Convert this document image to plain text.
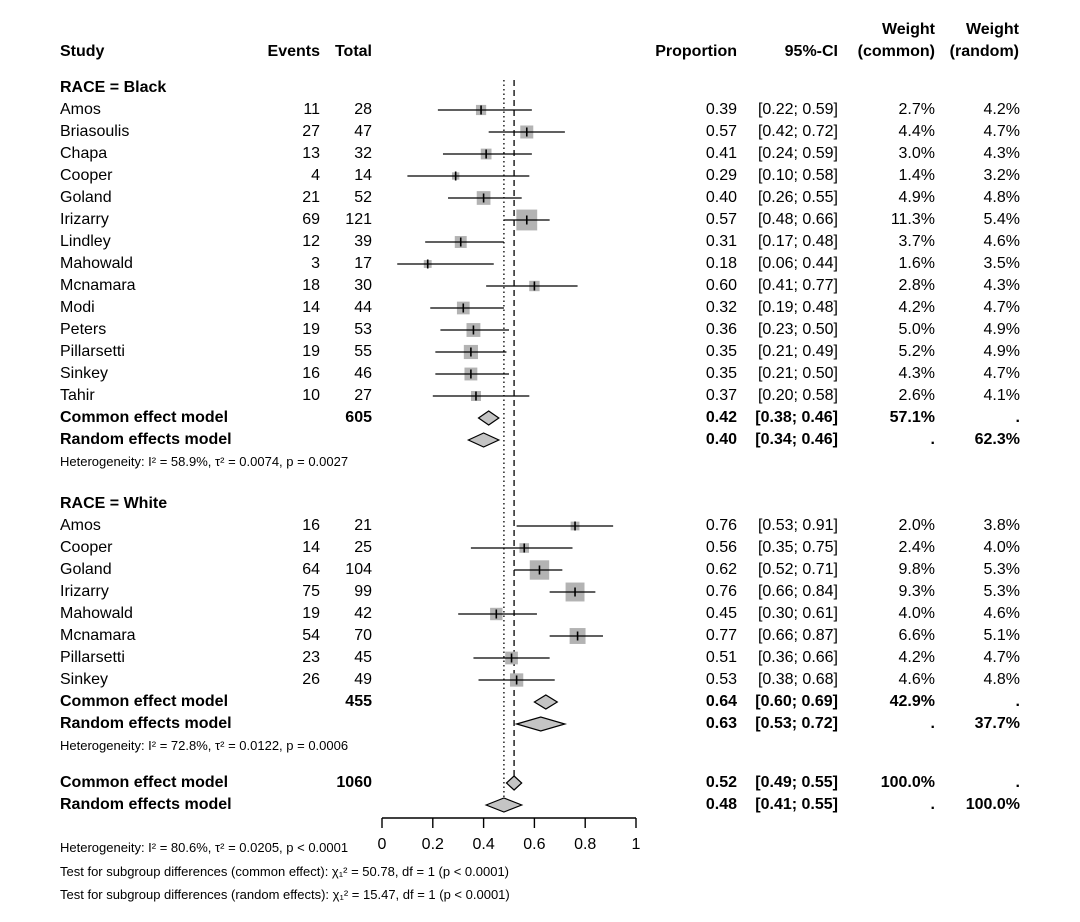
Study	Events Total	Proportion	95%-CI
Weight
(common)
Weight
(random)
RACE = Black
Amos	11 28	0.39 [0.22; 0.59]	2.7%	4.2%
Briasoulis	27 47	0.57 [0.42; 0.72]	4.4%	4.7%
Chapa	13 32	0.41 [0.24; 0.59]	3.0%	4.3%
Cooper	4 14	0.29 [0.10; 0.58]	1.4%	3.2%
Goland	21 52	0.40 [0.26; 0.55]	4.9%	4.8%
Irizarry	69 121	0.57 [0.48; 0.66]	11.3%	5.4%
Lindley	12 39	0.31 [0.17; 0.48]	3.7%	4.6%
Mahowald	3 17	0.18 [0.06; 0.44]	1.6%	3.5%
Mcnamara	18 30	0.60 [0.41; 0.77]	2.8%	4.3%
Modi	14 44	0.32 [0.19; 0.48]	4.2%	4.7%
Peters	19 53	0.36 [0.23; 0.50]	5.0%	4.9%
Pillarsetti	19 55	0.35 [0.21; 0.49]	5.2%	4.9%
Sinkey	16 46	0.35 [0.21; 0.50]	4.3%	4.7%
Tahir	10 27	0.37 [0.20; 0.58]	2.6%	4.1%
Common effect model	605	0.42 [0.38; 0.46]	57.1%	.
Random effects model	0.40 [0.34; 0.46]	. 62.3%
Heterogeneity: I² = 58.9%, τ² = 0.0074, p = 0.0027
RACE = White
Amos	16 21	0.76 [0.53; 0.91]	2.0%	3.8%
Cooper	14 25	0.56 [0.35; 0.75]	2.4%	4.0%
Goland	64 104	0.62 [0.52; 0.71]	9.8%	5.3%
Irizarry	75 99	0.76 [0.66; 0.84]	9.3%	5.3%
Mahowald	19 42	0.45 [0.30; 0.61]	4.0%	4.6%
Mcnamara	54 70	0.77 [0.66; 0.87]	6.6%	5.1%
Pillarsetti	23 45	0.51 [0.36; 0.66]	4.2%	4.7%
Sinkey	26 49	0.53 [0.38; 0.68]	4.6%	4.8%
Common effect model	455	0.64 [0.60; 0.69]	42.9%	.
Random effects model	0.63 [0.53; 0.72]	. 37.7%
Heterogeneity: I² = 72.8%, τ² = 0.0122, p = 0.0006
Common effect model	1060	0.52 [0.49; 0.55]	100.0%	.
Random effects model	0.48 [0.41; 0.55]	. 100.0%
Heterogeneity: I² = 80.6%, τ² = 0.0205, p < 0.0001
Test for subgroup differences (common effect): χ₁² = 50.78, df = 1 (p < 0.0001)
Test for subgroup differences (random effects): χ₁² = 15.47, df = 1 (p < 0.0001)
0 0.2 0.4 0.6 0.8 1
